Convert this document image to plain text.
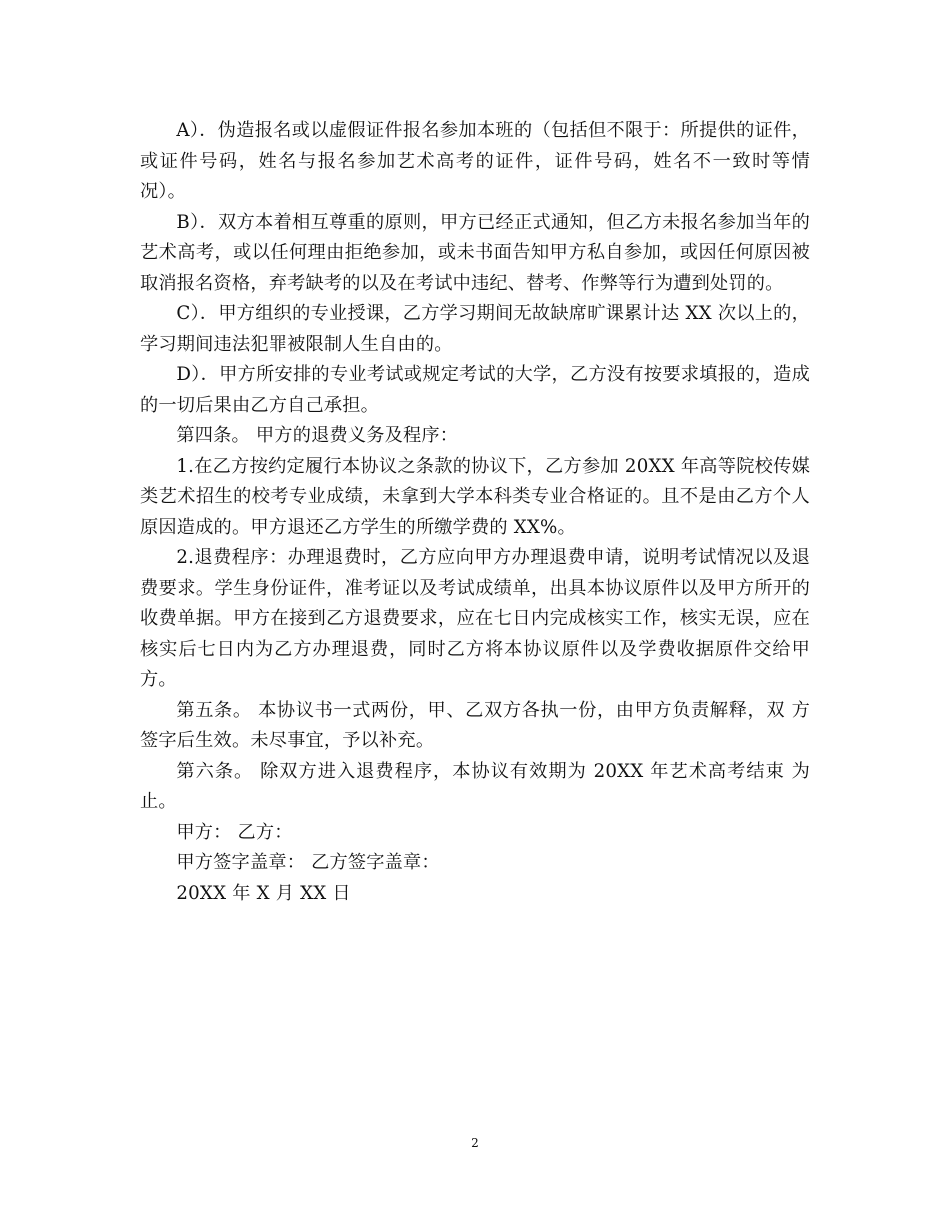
A）．伪造报名或以虚假证件报名参加本班的（包括但不限于：所提供的证件，或证件号码，姓名与报名参加艺术高考的证件，证件号码，姓名不一致时等情况）。

B）．双方本着相互尊重的原则，甲方已经正式通知，但乙方未报名参加当年的艺术高考，或以任何理由拒绝参加，或未书面告知甲方私自参加，或因任何原因被取消报名资格，弃考缺考的以及在考试中违纪、替考、作弊等行为遭到处罚的。

C）．甲方组织的专业授课，乙方学习期间无故缺席旷课累计达 XX 次以上的，学习期间违法犯罪被限制人生自由的。

D）．甲方所安排的专业考试或规定考试的大学，乙方没有按要求填报的，造成的一切后果由乙方自己承担。

第四条。 甲方的退费义务及程序：

1.在乙方按约定履行本协议之条款的协议下，乙方参加 20XX 年高等院校传媒类艺术招生的校考专业成绩，未拿到大学本科类专业合格证的。且不是由乙方个人原因造成的。甲方退还乙方学生的所缴学费的 XX%。

2.退费程序：办理退费时，乙方应向甲方办理退费申请，说明考试情况以及退费要求。学生身份证件，准考证以及考试成绩单，出具本协议原件以及甲方所开的收费单据。甲方在接到乙方退费要求，应在七日内完成核实工作，核实无误，应在核实后七日内为乙方办理退费，同时乙方将本协议原件以及学费收据原件交给甲方。

第五条。 本协议书一式两份，甲、乙双方各执一份，由甲方负责解释，双 方签字后生效。未尽事宜，予以补充。

第六条。 除双方进入退费程序，本协议有效期为 20XX 年艺术高考结束 为止。

甲方： 乙方：

甲方签字盖章： 乙方签字盖章：

20XX 年 X 月 XX 日

2
